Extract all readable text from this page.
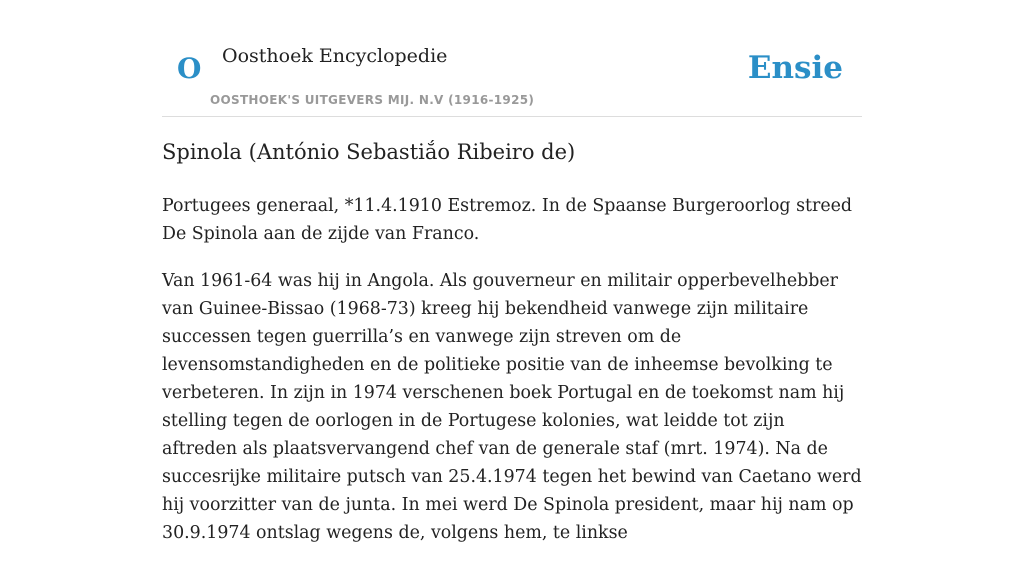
O Oosthoek Encyclopedie
OOSTHOEK'S UITGEVERS MIJ. N.V (1916-1925)
Ensie
Spinola (António Sebastiắo Ribeiro de)

Portugees generaal, *11.4.1910 Estremoz. In de Spaanse Burgeroorlog streed De Spinola aan de zijde van Franco.

Van 1961-64 was hij in Angola. Als gouverneur en militair opperbevelhebber van Guinee-Bissao (1968-73) kreeg hij bekendheid vanwege zijn militaire successen tegen guerrilla’s en vanwege zijn streven om de levensomstandigheden en de politieke positie van de inheemse bevolking te verbeteren. In zijn in 1974 verschenen boek Portugal en de toekomst nam hij stelling tegen de oorlogen in de Portugese kolonies, wat leidde tot zijn aftreden als plaatsvervangend chef van de generale staf (mrt. 1974). Na de succesrijke militaire putsch van 25.4.1974 tegen het bewind van Caetano werd hij voorzitter van de junta. In mei werd De Spinola president, maar hij nam op 30.9.1974 ontslag wegens de, volgens hem, te linkse
